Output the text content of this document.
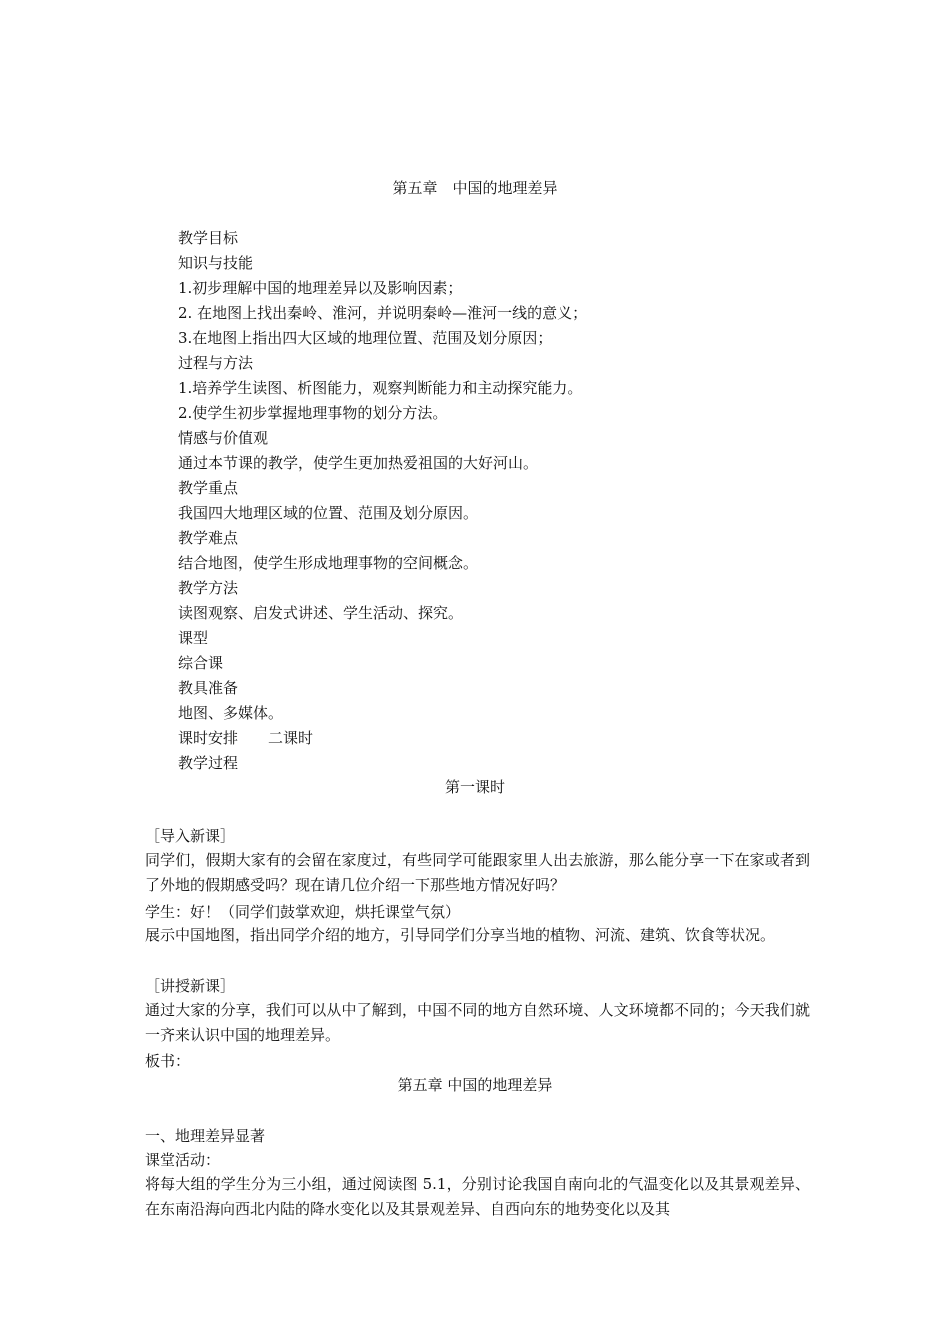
第五章　中国的地理差异
教学目标
知识与技能
1.初步理解中国的地理差异以及影响因素；
2. 在地图上找出秦岭、淮河，并说明秦岭—淮河一线的意义；
3.在地图上指出四大区域的地理位置、范围及划分原因；
过程与方法
1.培养学生读图、析图能力，观察判断能力和主动探究能力。
2.使学生初步掌握地理事物的划分方法。
情感与价值观
通过本节课的教学，使学生更加热爱祖国的大好河山。
教学重点
我国四大地理区域的位置、范围及划分原因。
教学难点
结合地图，使学生形成地理事物的空间概念。
教学方法
读图观察、启发式讲述、学生活动、探究。
课型
综合课
教具准备
地图、多媒体。
课时安排　　二课时
教学过程
第一课时
［导入新课］
同学们，假期大家有的会留在家度过，有些同学可能跟家里人出去旅游，那么能分享一下在家或者到了外地的假期感受吗？现在请几位介绍一下那些地方情况好吗？
学生：好！（同学们鼓掌欢迎，烘托课堂气氛）
展示中国地图，指出同学介绍的地方，引导同学们分享当地的植物、河流、建筑、饮食等状况。
［讲授新课］
通过大家的分享，我们可以从中了解到，中国不同的地方自然环境、人文环境都不同的；今天我们就一齐来认识中国的地理差异。
板书：
第五章 中国的地理差异
一、地理差异显著
课堂活动：
将每大组的学生分为三小组，通过阅读图 5.1，分别讨论我国自南向北的气温变化以及其景观差异、在东南沿海向西北内陆的降水变化以及其景观差异、自西向东的地势变化以及其
